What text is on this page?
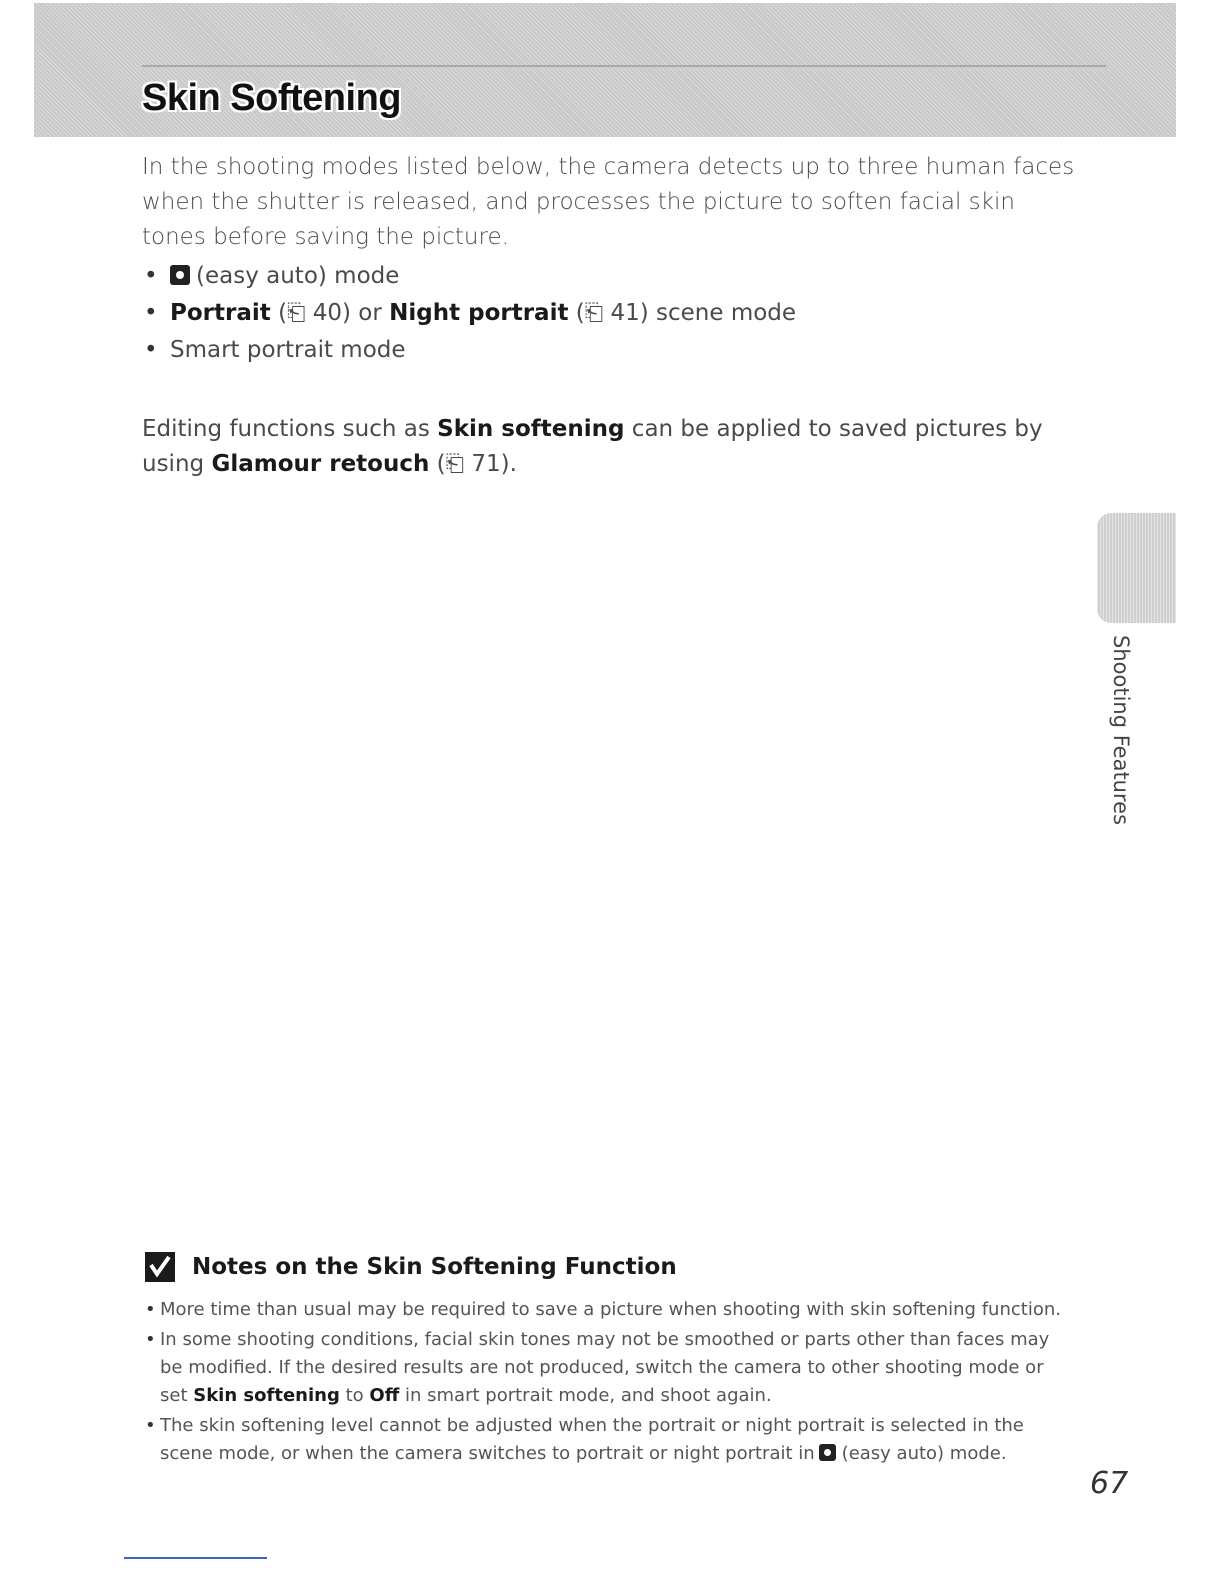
Skin Softening

In the shooting modes listed below, the camera detects up to three human faces when the shutter is released, and processes the picture to soften facial skin tones before saving the picture.

• (easy auto) mode
• Portrait (⎗ 40) or Night portrait (⎗ 41) scene mode
• Smart portrait mode

Editing functions such as Skin softening can be applied to saved pictures by using Glamour retouch (⎗ 71).

Shooting Features
Notes on the Skin Softening Function
• More time than usual may be required to save a picture when shooting with skin softening function.
• In some shooting conditions, facial skin tones may not be smoothed or parts other than faces may be modified. If the desired results are not produced, switch the camera to other shooting mode or set Skin softening to Off in smart portrait mode, and shoot again.
• The skin softening level cannot be adjusted when the portrait or night portrait is selected in the scene mode, or when the camera switches to portrait or night portrait in (easy auto) mode.
67
